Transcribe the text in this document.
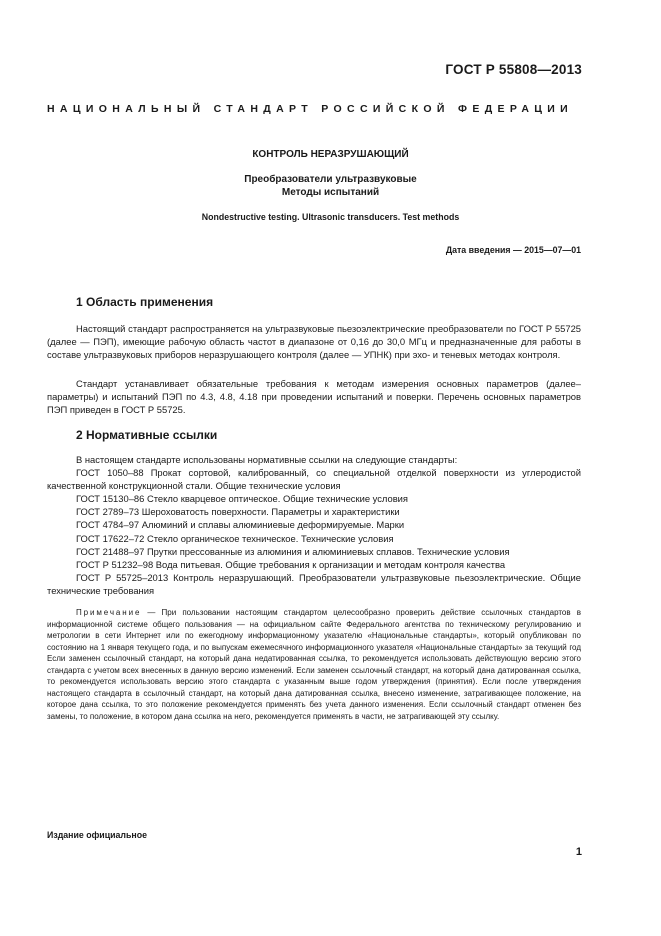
ГОСТ Р 55808—2013
НАЦИОНАЛЬНЫЙ СТАНДАРТ РОССИЙСКОЙ ФЕДЕРАЦИИ
КОНТРОЛЬ НЕРАЗРУШАЮЩИЙ
Преобразователи ультразвуковые
Методы испытаний
Nondestructive testing. Ultrasonic transducers. Test methods
Дата введения — 2015—07—01
1 Область применения
Настоящий стандарт распространяется на ультразвуковые пьезоэлектрические преобразователи по ГОСТ Р 55725 (далее — ПЭП), имеющие рабочую область частот в диапазоне от 0,16 до 30,0 МГц и предназначенные для работы в составе ультразвуковых приборов неразрушающего контроля (далее — УПНК) при эхо- и теневых методах контроля.
Стандарт устанавливает обязательные требования к методам измерения основных параметров (далее–параметры) и испытаний ПЭП по 4.3, 4.8, 4.18 при проведении испытаний и поверки. Перечень основных параметров ПЭП приведен в ГОСТ Р 55725.
2 Нормативные ссылки
В настоящем стандарте использованы нормативные ссылки на следующие стандарты:
ГОСТ 1050–88 Прокат сортовой, калиброванный, со специальной отделкой поверхности из углеродистой качественной конструкционной стали. Общие технические условия
ГОСТ 15130–86 Стекло кварцевое оптическое. Общие технические условия
ГОСТ 2789–73 Шероховатость поверхности. Параметры и характеристики
ГОСТ 4784–97 Алюминий и сплавы алюминиевые деформируемые. Марки
ГОСТ 17622–72 Стекло органическое техническое. Технические условия
ГОСТ 21488–97 Прутки прессованные из алюминия и алюминиевых сплавов. Технические условия
ГОСТ Р 51232–98 Вода питьевая. Общие требования к организации и методам контроля качества
ГОСТ Р 55725–2013 Контроль неразрушающий. Преобразователи ультразвуковые пьезоэлектрические. Общие технические требования
Примечание — При пользовании настоящим стандартом целесообразно проверить действие ссылочных стандартов в информационной системе общего пользования — на официальном сайте Федерального агентства по техническому регулированию и метрологии в сети Интернет или по ежегодному информационному указателю «Национальные стандарты», который опубликован по состоянию на 1 января текущего года, и по выпускам ежемесячного информационного указателя «Национальные стандарты» за текущий год Если заменен ссылочный стандарт, на который дана недатированная ссылка, то рекомендуется использовать действующую версию этого стандарта с учетом всех внесенных в данную версию изменений. Если заменен ссылочный стандарт, на который дана датированная ссылка, то рекомендуется использовать версию этого стандарта с указанным выше годом утверждения (принятия). Если после утверждения настоящего стандарта в ссылочный стандарт, на который дана датированная ссылка, внесено изменение, затрагивающее положение, на которое дана ссылка, то это положение рекомендуется применять без учета данного изменения. Если ссылочный стандарт отменен без замены, то положение, в котором дана ссылка на него, рекомендуется применять в части, не затрагивающей эту ссылку.
Издание официальное
1
